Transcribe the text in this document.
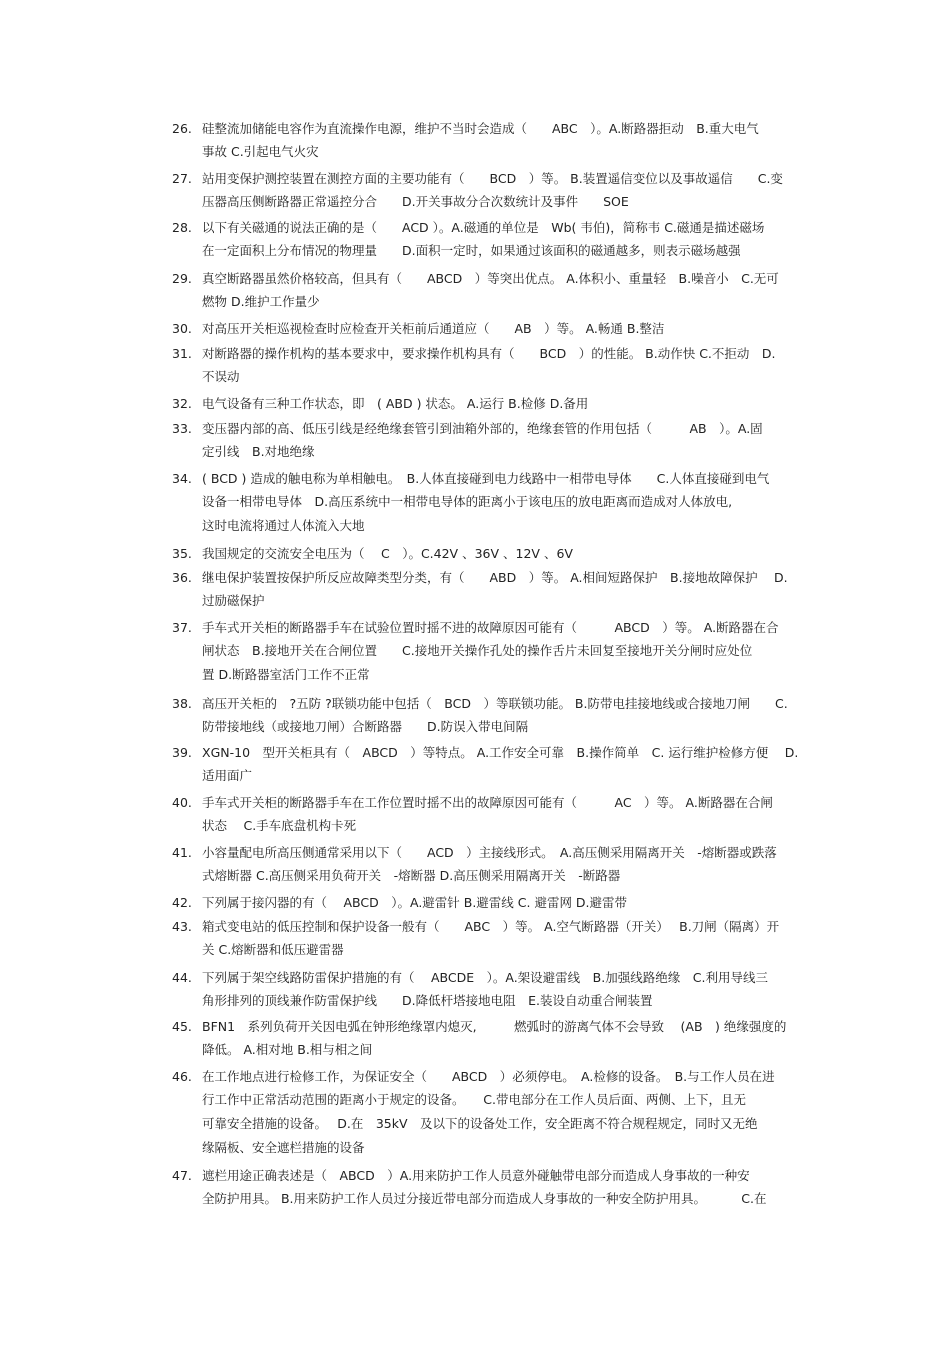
26. 硅整流加储能电容作为直流操作电源，维护不当时会造成（　　ABC　）。A.断路器拒动　B.重大电气
事故 C.引起电气火灾
27. 站用变保护测控装置在测控方面的主要功能有（　　BCD　）等。 B.装置遥信变位以及事故遥信　　C.变
压器高压侧断路器正常遥控分合　　D.开关事故分合次数统计及事件　　SOE
28. 以下有关磁通的说法正确的是（　　ACD ）。A.磁通的单位是　Wb( 韦伯)，简称韦 C.磁通是描述磁场
在一定面积上分布情况的物理量　　D.面积一定时，如果通过该面积的磁通越多，则表示磁场越强
29. 真空断路器虽然价格较高，但具有（　　ABCD　）等突出优点。 A.体积小、重量轻　B.噪音小　C.无可
燃物 D.维护工作量少
30. 对高压开关柜巡视检查时应检查开关柜前后通道应（　　AB　）等。 A.畅通 B.整洁
31. 对断路器的操作机构的基本要求中，要求操作机构具有（　　BCD　）的性能。 B.动作快 C.不拒动　D.
不误动
32. 电气设备有三种工作状态，即　( ABD ) 状态。 A.运行 B.检修 D.备用
33. 变压器内部的高、低压引线是经绝缘套管引到油箱外部的，绝缘套管的作用包括（　　　AB　）。A.固
定引线　B.对地绝缘
34. ( BCD ) 造成的触电称为单相触电。　B.人体直接碰到电力线路中一相带电导体　　C.人体直接碰到电气
设备一相带电导体　D.高压系统中一相带电导体的距离小于该电压的放电距离而造成对人体放电,
这时电流将通过人体流入大地
35. 我国规定的交流安全电压为（　 C　）。C.42V 、36V 、12V 、6V
36. 继电保护装置按保护所反应故障类型分类，有（　　ABD　）等。 A.相间短路保护　B.接地故障保护　 D.
过励磁保护
37. 手车式开关柜的断路器手车在试验位置时摇不进的故障原因可能有（　　　ABCD　）等。 A.断路器在合
闸状态　B.接地开关在合闸位置　　C.接地开关操作孔处的操作舌片未回复至接地开关分闸时应处位
置 D.断路器室活门工作不正常
38. 高压开关柜的　?五防 ?联锁功能中包括（　BCD　）等联锁功能。 B.防带电挂接地线或合接地刀闸　　C.
防带接地线（或接地刀闸）合断路器　　D.防误入带电间隔
39. XGN-10　型开关柜具有（　ABCD　）等特点。 A.工作安全可靠　B.操作简单　C. 运行维护检修方便　 D.
适用面广
40. 手车式开关柜的断路器手车在工作位置时摇不出的故障原因可能有（　　　AC　）等。 A.断路器在合闸
状态　 C.手车底盘机构卡死
41. 小容量配电所高压侧通常采用以下（　　ACD　）主接线形式。　A.高压侧采用隔离开关　-熔断器或跌落
式熔断器 C.高压侧采用负荷开关　-熔断器 D.高压侧采用隔离开关　-断路器
42. 下列属于接闪器的有（　 ABCD　）。A.避雷针 B.避雷线 C. 避雷网 D.避雷带
43. 箱式变电站的低压控制和保护设备一般有（　　ABC　）等。 A.空气断路器（开关）　 B.刀闸（隔离）开
关 C.熔断器和低压避雷器
44. 下列属于架空线路防雷保护措施的有（　 ABCDE　）。A.架设避雷线　B.加强线路绝缘　C.利用导线三
角形排列的顶线兼作防雷保护线　　D.降低杆塔接地电阻　E.装设自动重合闸装置
45. BFN1　系列负荷开关因电弧在钟形绝缘罩内熄灭,　　　燃弧时的游离气体不会导致　 (AB　) 绝缘强度的
降低。 A.相对地 B.相与相之间
46. 在工作地点进行检修工作，为保证安全（　　ABCD　）必须停电。　A.检修的设备。　B.与工作人员在进
行工作中正常活动范围的距离小于规定的设备。　　C.带电部分在工作人员后面、两侧、上下，且无
可靠安全措施的设备。　 D.在　35kV　及以下的设备处工作，安全距离不符合规程规定，同时又无绝
缘隔板、安全遮栏措施的设备
47. 遮栏用途正确表述是（　ABCD　）A.用来防护工作人员意外碰触带电部分而造成人身事故的一种安
全防护用具。 B.用来防护工作人员过分接近带电部分而造成人身事故的一种安全防护用具。　　　 C.在
